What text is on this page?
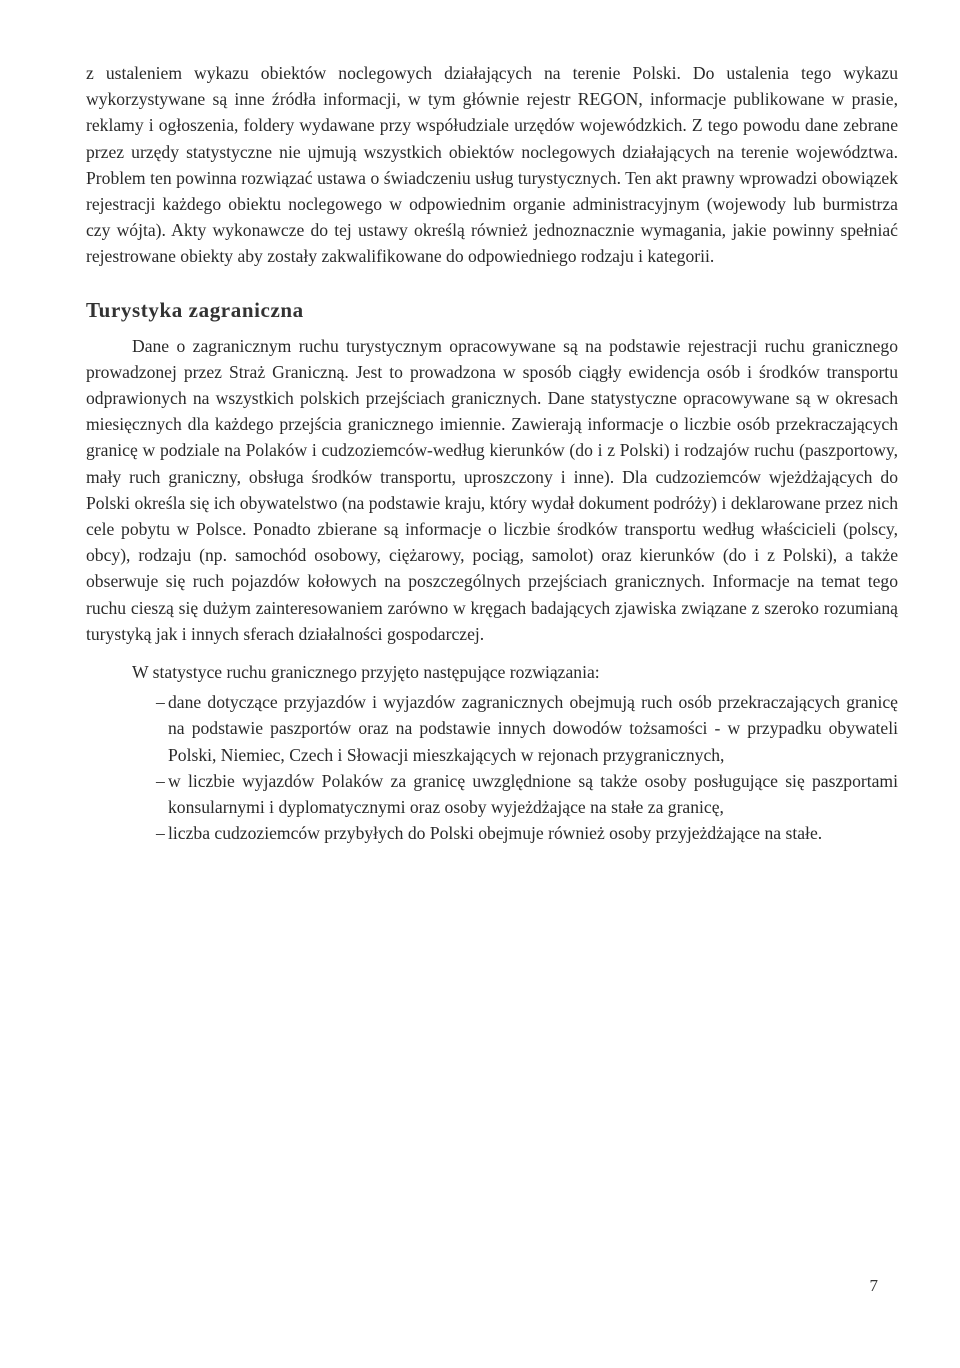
z ustaleniem wykazu obiektów noclegowych działających na terenie Polski. Do ustalenia tego wykazu wykorzystywane są inne źródła informacji, w tym głównie rejestr REGON, informacje publikowane w prasie, reklamy i ogłoszenia, foldery wydawane przy współudziale urzędów wojewódzkich. Z tego powodu dane zebrane przez urzędy statystyczne nie ujmują wszystkich obiektów noclegowych działających na terenie województwa. Problem ten powinna rozwiązać ustawa o świadczeniu usług turystycznych. Ten akt prawny wprowadzi obowiązek rejestracji każdego obiektu noclegowego w odpowiednim organie administracyjnym (wojewody lub burmistrza czy wójta). Akty wykonawcze do tej ustawy określą również jednoznacznie wymagania, jakie powinny spełniać rejestrowane obiekty aby zostały zakwalifikowane do odpowiedniego rodzaju i kategorii.

Turystyka zagraniczna

Dane o zagranicznym ruchu turystycznym opracowywane są na podstawie rejestracji ruchu granicznego prowadzonej przez Straż Graniczną. Jest to prowadzona w sposób ciągły ewidencja osób i środków transportu odprawionych na wszystkich polskich przejściach granicznych. Dane statystyczne opracowywane są w okresach miesięcznych dla każdego przejścia granicznego imiennie. Zawierają informacje o liczbie osób przekraczających granicę w podziale na Polaków i cudzoziemców-według kierunków (do i z Polski) i rodzajów ruchu (paszportowy, mały ruch graniczny, obsługa środków transportu, uproszczony i inne). Dla cudzoziemców wjeżdżających do Polski określa się ich obywatelstwo (na podstawie kraju, który wydał dokument podróży) i deklarowane przez nich cele pobytu w Polsce. Ponadto zbierane są informacje o liczbie środków transportu według właścicieli (polscy, obcy), rodzaju (np. samochód osobowy, ciężarowy, pociąg, samolot) oraz kierunków (do i z Polski), a także obserwuje się ruch pojazdów kołowych na poszczególnych przejściach granicznych. Informacje na temat tego ruchu cieszą się dużym zainteresowaniem zarówno w kręgach badających zjawiska związane z szeroko rozumianą turystyką jak i innych sferach działalności gospodarczej.

W statystyce ruchu granicznego przyjęto następujące rozwiązania:

– dane dotyczące przyjazdów i wyjazdów zagranicznych obejmują ruch osób przekraczających granicę na podstawie paszportów oraz na podstawie innych dowodów tożsamości - w przypadku obywateli Polski, Niemiec, Czech i Słowacji mieszkających w rejonach przygranicznych,
– w liczbie wyjazdów Polaków za granicę uwzględnione są także osoby posługujące się paszportami konsularnymi i dyplomatycznymi oraz osoby wyjeżdżające na stałe za granicę,
– liczba cudzoziemców przybyłych do Polski obejmuje również osoby przyjeżdżające na stałe.
7
